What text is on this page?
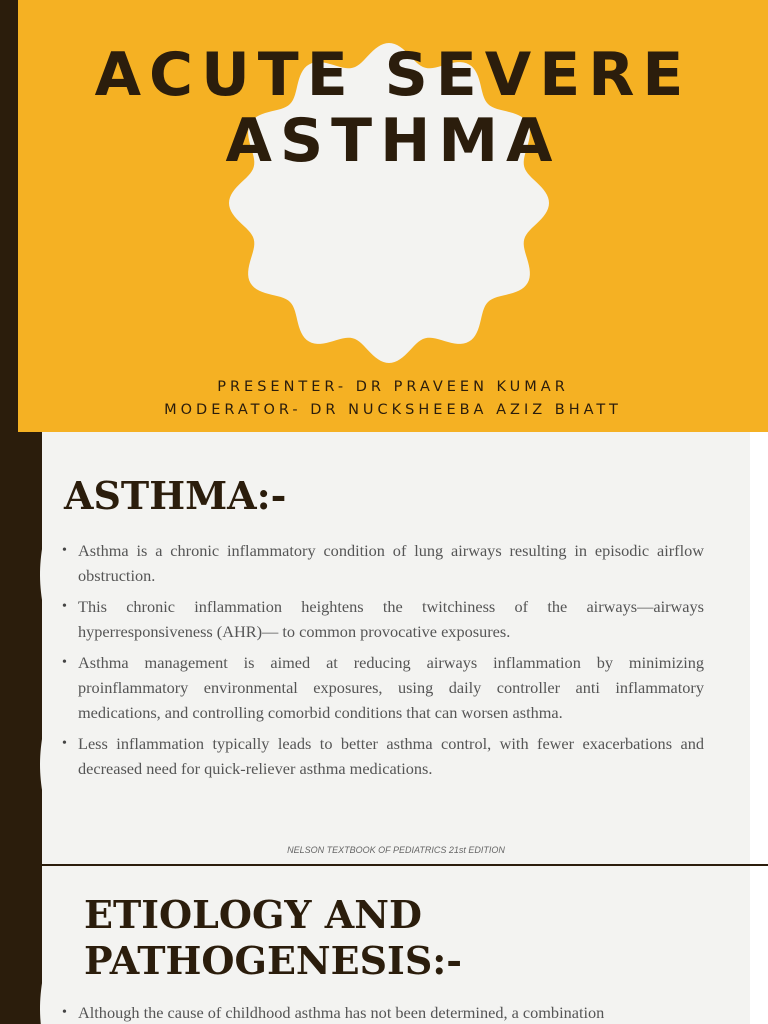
ACUTE SEVERE
ASTHMA
PRESENTER- DR PRAVEEN KUMAR
MODERATOR- DR NUCKSHEEBA AZIZ BHATT
ASTHMA:-
• Asthma is a chronic inflammatory condition of lung airways resulting in episodic airflow obstruction.
• This chronic inflammation heightens the twitchiness of the airways—airways hyperresponsiveness (AHR)— to common provocative exposures.
• Asthma management is aimed at reducing airways inflammation by minimizing proinflammatory environmental exposures, using daily controller anti inflammatory medications, and controlling comorbid conditions that can worsen asthma.
• Less inflammation typically leads to better asthma control, with fewer exacerbations and decreased need for quick-reliever asthma medications.
NELSON TEXTBOOK OF PEDIATRICS 21st EDITION
ETIOLOGY AND
PATHOGENESIS:-
• Although the cause of childhood asthma has not been determined, a combination
